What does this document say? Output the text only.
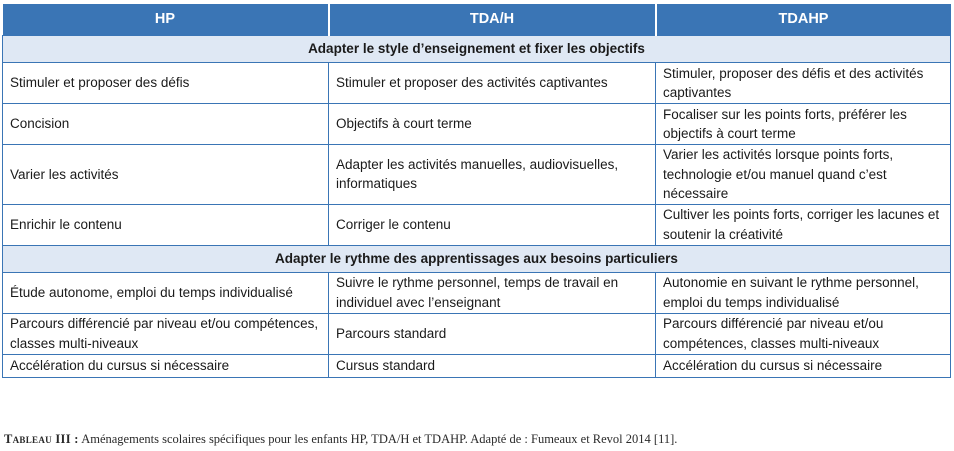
HP	TDA/H	TDAHP
Adapter le style d’enseignement et fixer les objectifs		
Stimuler et proposer des défis	Stimuler et proposer des activités captivantes	Stimuler, proposer des défis et des activités captivantes
Concision	Objectifs à court terme	Focaliser sur les points forts, préférer les objectifs à court terme
Varier les activités	Adapter les activités manuelles, audiovisuelles, informatiques	Varier les activités lorsque points forts, technologie et/ou manuel quand c’est nécessaire
Enrichir le contenu	Corriger le contenu	Cultiver les points forts, corriger les lacunes et soutenir la créativité
Adapter le rythme des apprentissages aux besoins particuliers		
Étude autonome, emploi du temps individualisé	Suivre le rythme personnel, temps de travail en individuel avec l’enseignant	Autonomie en suivant le rythme personnel, emploi du temps individualisé
Parcours différencié par niveau et/ou compétences, classes multi-niveaux	Parcours standard	Parcours différencié par niveau et/ou compétences, classes multi-niveaux
Accélération du cursus si nécessaire	Cursus standard	Accélération du cursus si nécessaire
Tableau III : Aménagements scolaires spécifiques pour les enfants HP, TDA/H et TDAHP. Adapté de : Fumeaux et Revol 2014 [11].
